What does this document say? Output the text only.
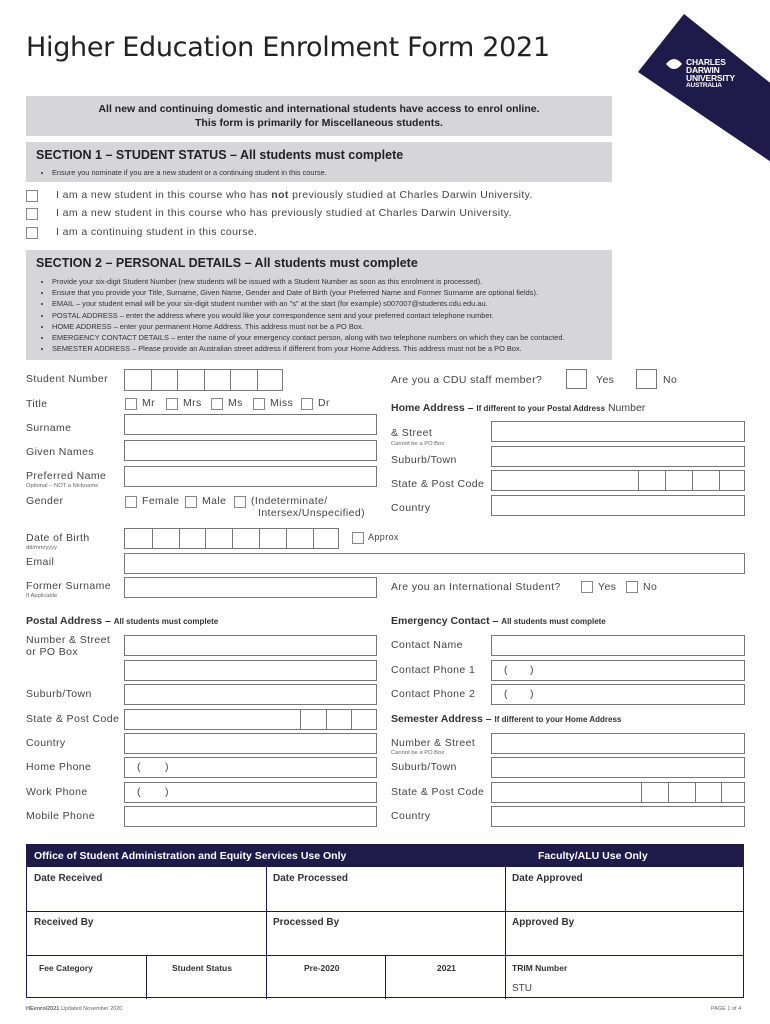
Higher Education Enrolment Form 2021	CHARLES
DARWIN
UNIVERSITY
AUSTRALIA
All new and continuing domestic and international students have access to enrol online.
This form is primarily for Miscellaneous students.
SECTION 1 – STUDENT STATUS – All students must complete
• Ensure you nominate if you are a new student or a continuing student in this course.
I am a new student in this course who has not previously studied at Charles Darwin University.
I am a new student in this course who has previously studied at Charles Darwin University.
I am a continuing student in this course.
SECTION 2 – PERSONAL DETAILS – All students must complete
• Provide your six-digit Student Number (new students will be issued with a Student Number as soon as this enrolment is processed).
• Ensure that you provide your Title, Surname, Given Name, Gender and Date of Birth (your Preferred Name and Former Surname are optional fields).
• EMAIL – your student email will be your six-digit student number with an "s" at the start (for example) s007007@students.cdu.edu.au.
• POSTAL ADDRESS – enter the address where you would like your correspondence sent and your preferred contact telephone number.
• HOME ADDRESS – enter your permanent Home Address. This address must not be a PO Box.
• EMERGENCY CONTACT DETAILS – enter the name of your emergency contact person, along with two telephone numbers on which they can be contacted.
• SEMESTER ADDRESS – Please provide an Australian street address if different from your Home Address. This address must not be a PO Box.
Student Number
Title	Mr	Mrs	Ms	Miss Dr
Surname
Given Names
Preferred Name
Optional – NOT a Nickname
Gender	Female Male (Indeterminate/
Intersex/Unspecified)
Date of Birth
dd/mm/yyyy
Approx
Email
Former Surname
If Applicable
Are you a CDU staff member?	Yes	No
Home Address – If different to your Postal Address Number
& Street
Cannot be a PO Box
Suburb/Town
State & Post Code
Country
Are you an International Student?	Yes	No
Postal Address – All students must complete
Number & Street
or PO Box
Suburb/Town
State & Post Code
Country
Home Phone	( )
Work Phone	( )
Mobile Phone
Emergency Contact – All students must complete
Contact Name
Contact Phone 1	( )
Contact Phone 2	( )
Semester Address – If different to your Home Address
Number & Street
Cannot be a PO Box
Suburb/Town
State & Post Code
Country
Office of Student Administration and Equity Services Use Only	Faculty/ALU Use Only
Date Received	Date Processed	Date Approved
Received By	Processed By	Approved By
Fee Category	Student Status	Pre-2020	2021	TRIM Number
STU
HEenrol2021 Updated November 2020	PAGE 1 of 4
